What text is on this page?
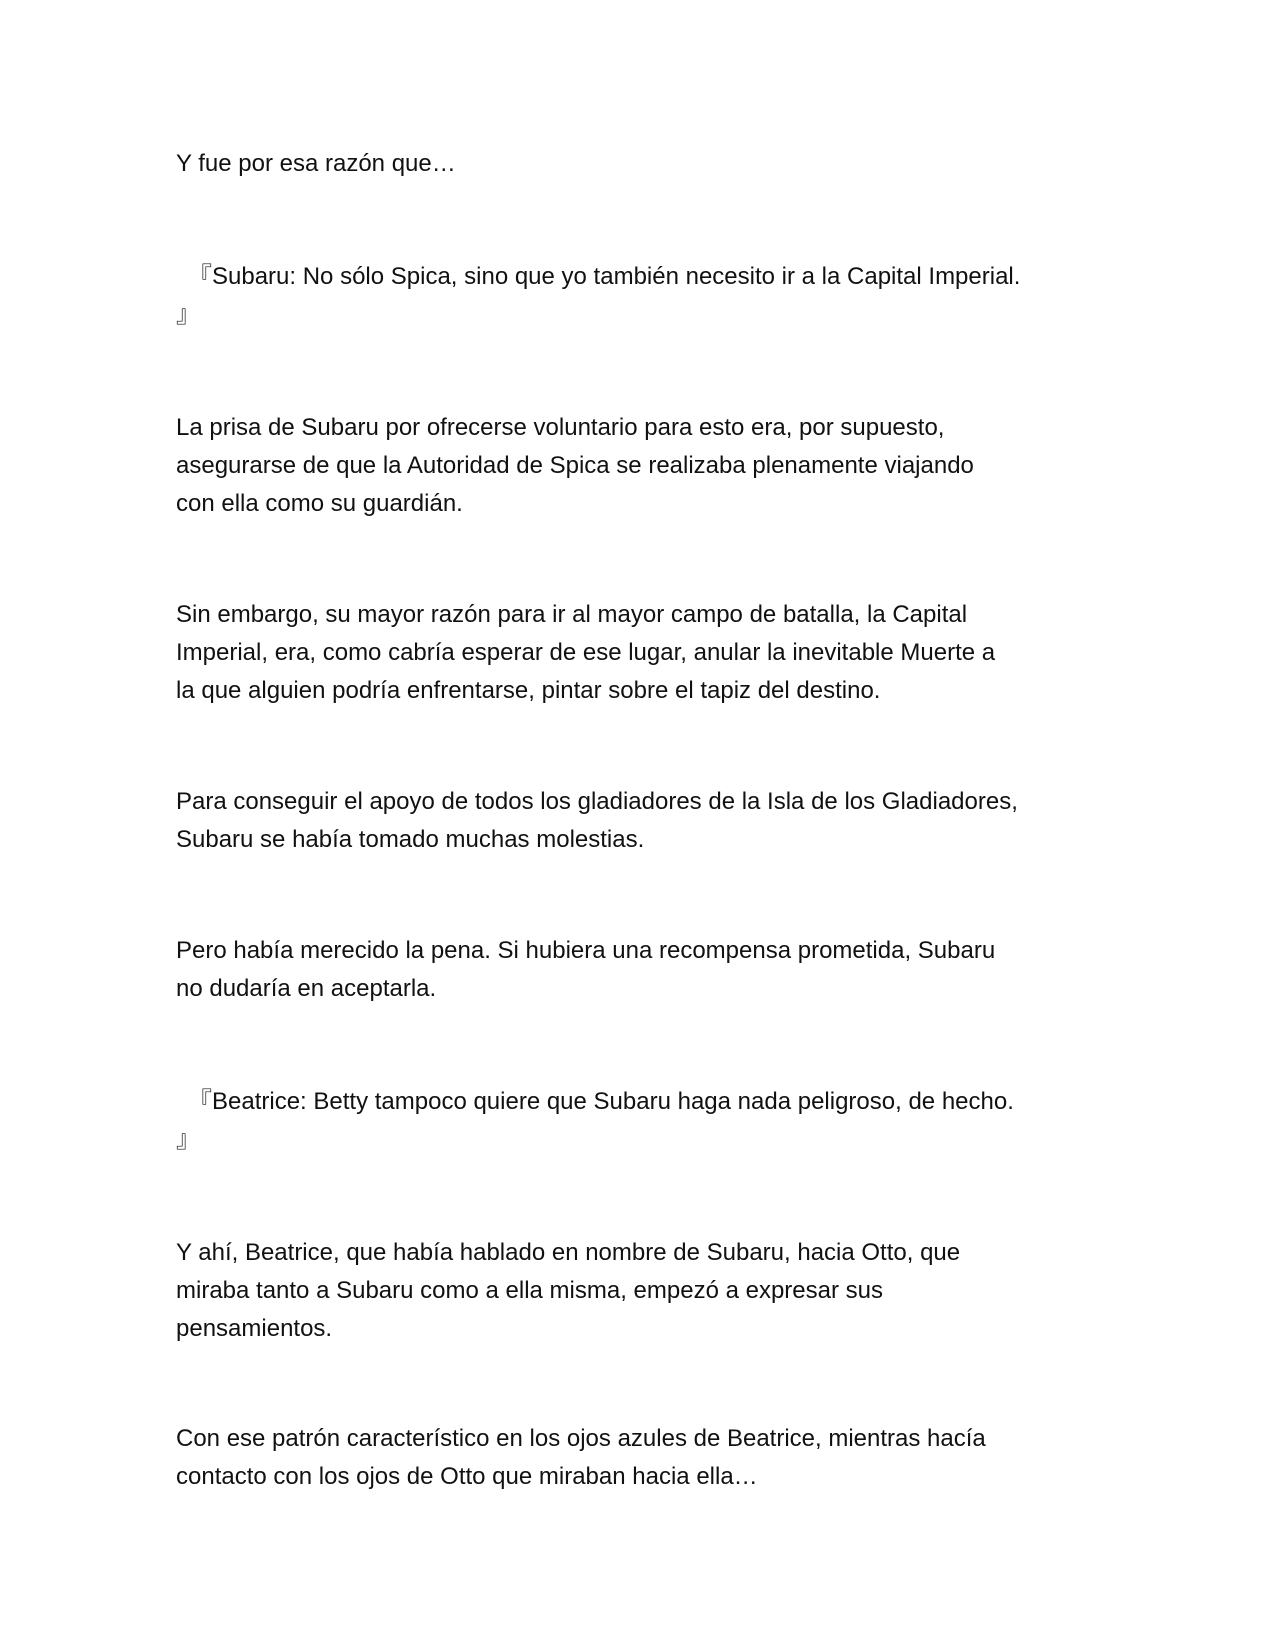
Y fue por esa razón que…

『Subaru: No sólo Spica, sino que yo también necesito ir a la Capital Imperial.
』

La prisa de Subaru por ofrecerse voluntario para esto era, por supuesto,
asegurarse de que la Autoridad de Spica se realizaba plenamente viajando
con ella como su guardián.

Sin embargo, su mayor razón para ir al mayor campo de batalla, la Capital
Imperial, era, como cabría esperar de ese lugar, anular la inevitable Muerte a
la que alguien podría enfrentarse, pintar sobre el tapiz del destino.

Para conseguir el apoyo de todos los gladiadores de la Isla de los Gladiadores,
Subaru se había tomado muchas molestias.

Pero había merecido la pena. Si hubiera una recompensa prometida, Subaru
no dudaría en aceptarla.

『Beatrice: Betty tampoco quiere que Subaru haga nada peligroso, de hecho.
』

Y ahí, Beatrice, que había hablado en nombre de Subaru, hacia Otto, que
miraba tanto a Subaru como a ella misma, empezó a expresar sus
pensamientos.

Con ese patrón característico en los ojos azules de Beatrice, mientras hacía
contacto con los ojos de Otto que miraban hacia ella…
